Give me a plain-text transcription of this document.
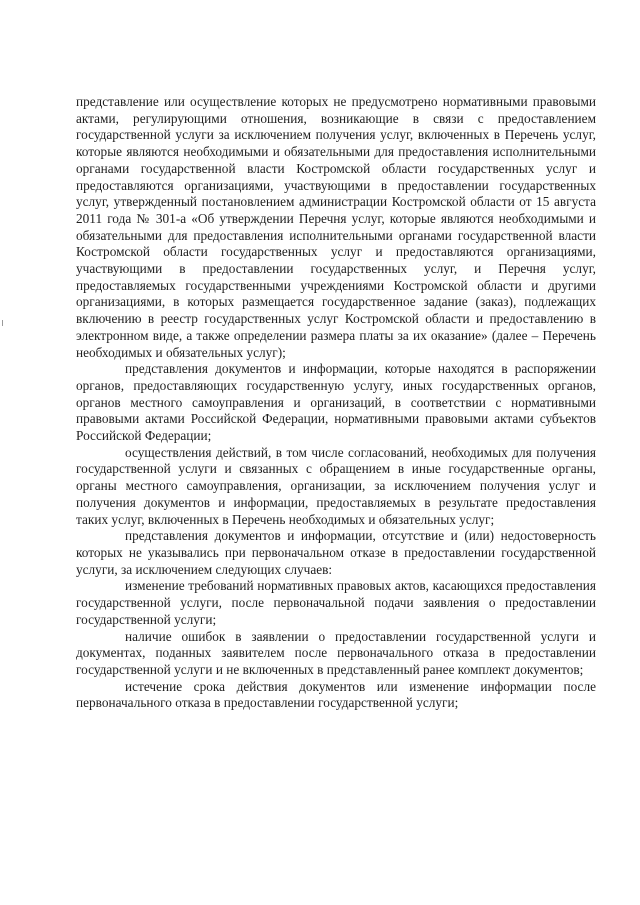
представление или осуществление которых не предусмотрено нормативными правовыми актами, регулирующими отношения, возникающие в связи с предоставлением государственной услуги за исключением получения услуг, включенных в Перечень услуг, которые являются необходимыми и обязательными для предоставления исполнительными органами государственной власти Костромской области государственных услуг и предоставляются организациями, участвующими в предоставлении государственных услуг, утвержденный постановлением администрации Костромской области от 15 августа 2011 года № 301-а «Об утверждении Перечня услуг, которые являются необходимыми и обязательными для предоставления исполнительными органами государственной власти Костромской области государственных услуг и предоставляются организациями, участвующими в предоставлении государственных услуг, и Перечня услуг, предоставляемых государственными учреждениями Костромской области и другими организациями, в которых размещается государственное задание (заказ), подлежащих включению в реестр государственных услуг Костромской области и предоставлению в электронном виде, а также определении размера платы за их оказание» (далее – Перечень необходимых и обязательных услуг);

представления документов и информации, которые находятся в распоряжении органов, предоставляющих государственную услугу, иных государственных органов, органов местного самоуправления и организаций, в соответствии с нормативными правовыми актами Российской Федерации, нормативными правовыми актами субъектов Российской Федерации;

осуществления действий, в том числе согласований, необходимых для получения государственной услуги и связанных с обращением в иные государственные органы, органы местного самоуправления, организации, за исключением получения услуг и получения документов и информации, предоставляемых в результате предоставления таких услуг, включенных в Перечень необходимых и обязательных услуг;

представления документов и информации, отсутствие и (или) недостоверность которых не указывались при первоначальном отказе в предоставлении государственной услуги, за исключением следующих случаев:

изменение требований нормативных правовых актов, касающихся предоставления государственной услуги, после первоначальной подачи заявления о предоставлении государственной услуги;

наличие ошибок в заявлении о предоставлении государственной услуги и документах, поданных заявителем после первоначального отказа в предоставлении государственной услуги и не включенных в представленный ранее комплект документов;

истечение срока действия документов или изменение информации после первоначального отказа в предоставлении государственной услуги;
